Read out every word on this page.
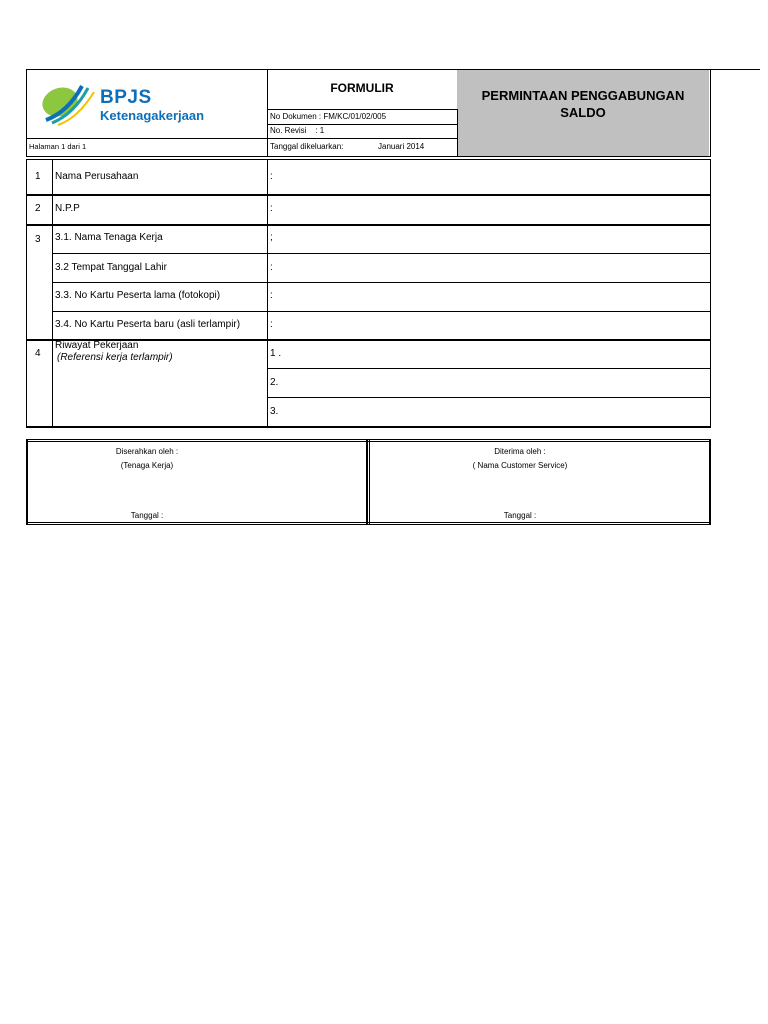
PERMINTAAN PENGGABUNGAN
SALDO
BPJS
Ketenagakerjaan
FORMULIR
No Dokumen : FM/KC/01/02/005
No. Revisi    : 1
Halaman 1 dari 1	Tanggal dikeluarkan:	Januari 2014
1 Nama Perusahaan	:
2 N.P.P	:
3 3.1. Nama Tenaga Kerja	;
3.2 Tempat Tanggal Lahir	:
3.3. No Kartu Peserta lama (fotokopi)	:
3.4. No Kartu Peserta baru (asli terlampir)	:
4
Riwayat Pekerjaan
(Referensi kerja terlampir)	1 .
2.
3.
Diserahkan oleh :
(Tenaga Kerja)
Tanggal :
Diterima oleh :
( Nama Customer Service)
Tanggal :
